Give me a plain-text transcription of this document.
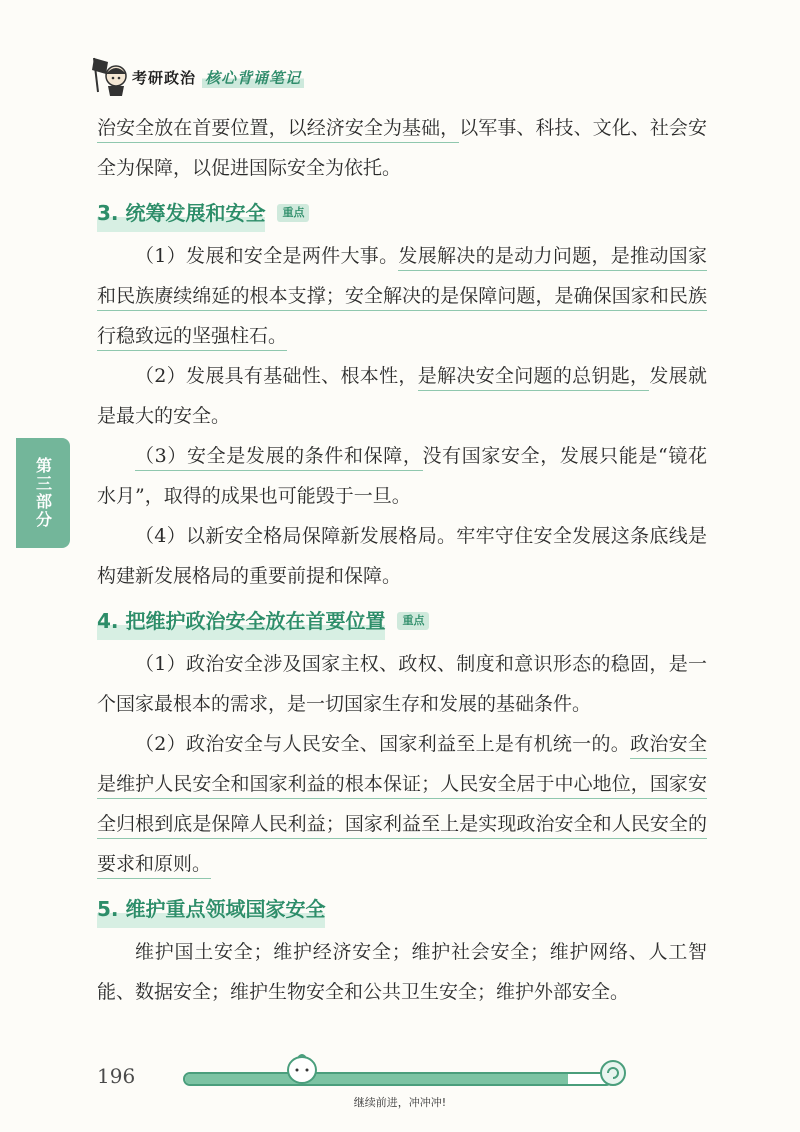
考研政治 核心背诵笔记
第三部分

治安全放在首要位置，以经济安全为基础，以军事、科技、文化、社会安全为保障，以促进国际安全为依托。

3. 统筹发展和安全	重点

（1）发展和安全是两件大事。发展解决的是动力问题，是推动国家和民族赓续绵延的根本支撑；安全解决的是保障问题，是确保国家和民族行稳致远的坚强柱石。

（2）发展具有基础性、根本性，是解决安全问题的总钥匙，发展就是最大的安全。

（3）安全是发展的条件和保障，没有国家安全，发展只能是“镜花水月”，取得的成果也可能毁于一旦。

（4）以新安全格局保障新发展格局。牢牢守住安全发展这条底线是构建新发展格局的重要前提和保障。

4. 把维护政治安全放在首要位置	重点

（1）政治安全涉及国家主权、政权、制度和意识形态的稳固，是一个国家最根本的需求，是一切国家生存和发展的基础条件。

（2）政治安全与人民安全、国家利益至上是有机统一的。政治安全是维护人民安全和国家利益的根本保证；人民安全居于中心地位，国家安全归根到底是保障人民利益；国家利益至上是实现政治安全和人民安全的要求和原则。

5. 维护重点领域国家安全

维护国土安全；维护经济安全；维护社会安全；维护网络、人工智能、数据安全；维护生物安全和公共卫生安全；维护外部安全。

196
继续前进，冲冲冲!
